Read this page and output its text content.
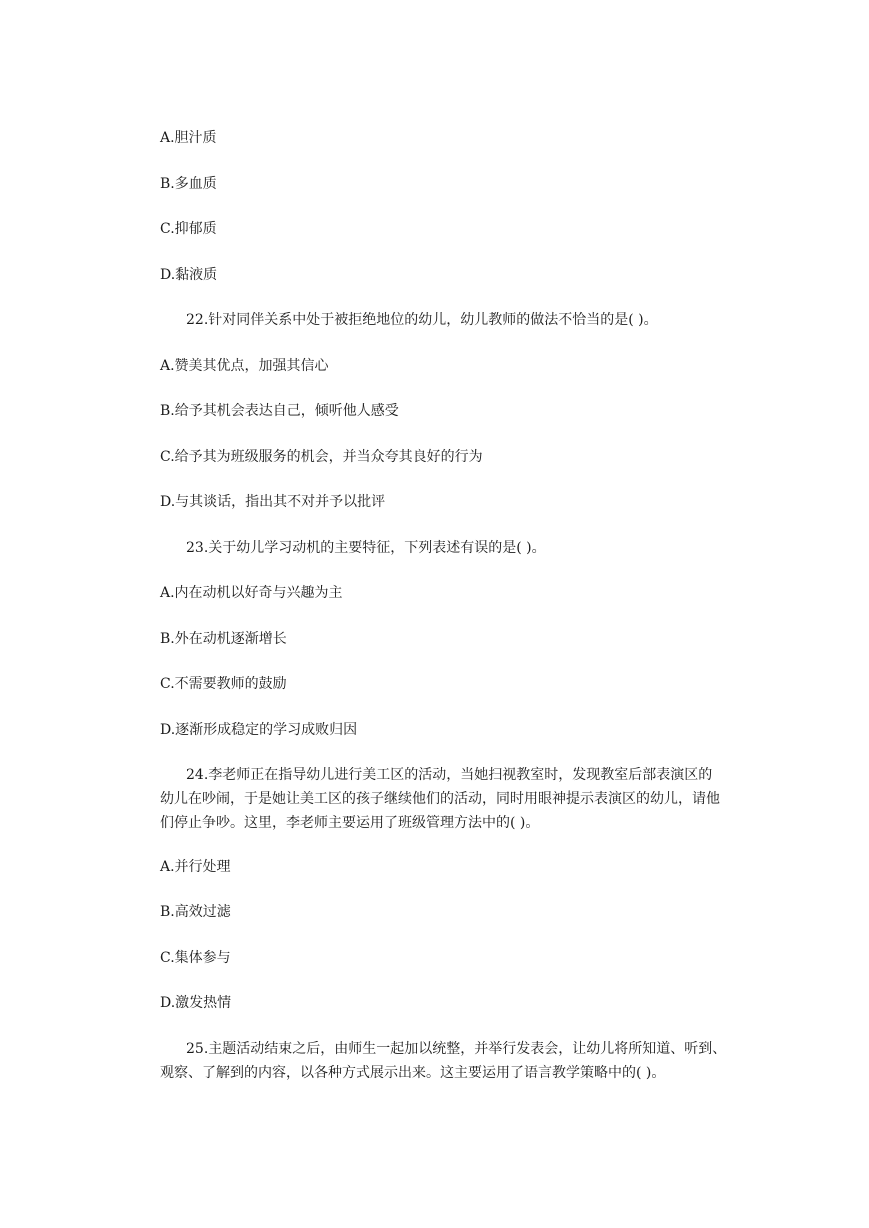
A.胆汁质
B.多血质
C.抑郁质
D.黏液质
22.针对同伴关系中处于被拒绝地位的幼儿，幼儿教师的做法不恰当的是( )。
A.赞美其优点，加强其信心
B.给予其机会表达自己，倾听他人感受
C.给予其为班级服务的机会，并当众夸其良好的行为
D.与其谈话，指出其不对并予以批评
23.关于幼儿学习动机的主要特征，下列表述有误的是( )。
A.内在动机以好奇与兴趣为主
B.外在动机逐渐增长
C.不需要教师的鼓励
D.逐渐形成稳定的学习成败归因
24.李老师正在指导幼儿进行美工区的活动，当她扫视教室时，发现教室后部表演区的
幼儿在吵闹，于是她让美工区的孩子继续他们的活动，同时用眼神提示表演区的幼儿，请他
们停止争吵。这里，李老师主要运用了班级管理方法中的( )。
A.并行处理
B.高效过滤
C.集体参与
D.激发热情
25.主题活动结束之后，由师生一起加以统整，并举行发表会，让幼儿将所知道、听到、
观察、了解到的内容，以各种方式展示出来。这主要运用了语言教学策略中的( )。
